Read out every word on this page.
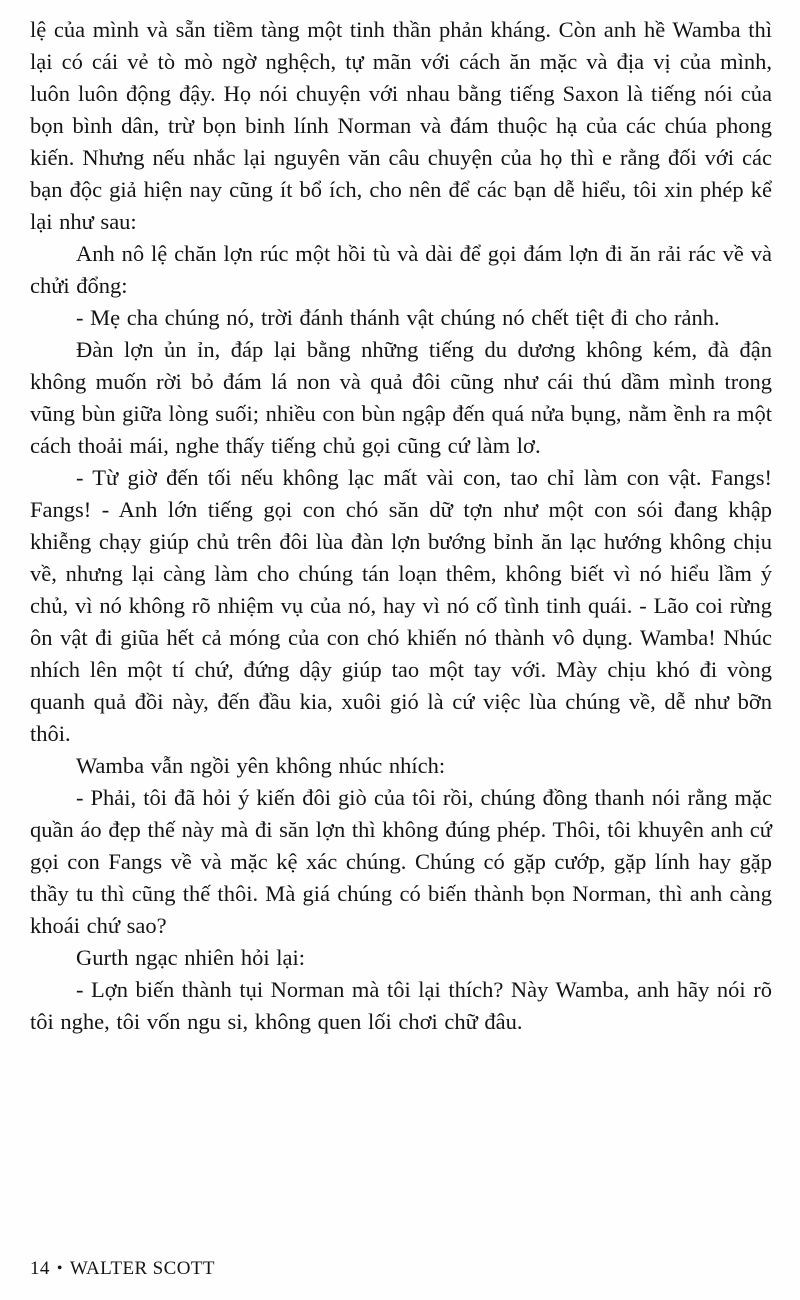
lệ của mình và sẵn tiềm tàng một tinh thần phản kháng. Còn anh hề Wamba thì lại có cái vẻ tò mò ngờ nghệch, tự mãn với cách ăn mặc và địa vị của mình, luôn luôn động đậy. Họ nói chuyện với nhau bằng tiếng Saxon là tiếng nói của bọn bình dân, trừ bọn binh lính Norman và đám thuộc hạ của các chúa phong kiến. Nhưng nếu nhắc lại nguyên văn câu chuyện của họ thì e rằng đối với các bạn độc giả hiện nay cũng ít bổ ích, cho nên để các bạn dễ hiểu, tôi xin phép kể lại như sau:

Anh nô lệ chăn lợn rúc một hồi tù và dài để gọi đám lợn đi ăn rải rác về và chửi đổng:

- Mẹ cha chúng nó, trời đánh thánh vật chúng nó chết tiệt đi cho rảnh.

Đàn lợn ủn ỉn, đáp lại bằng những tiếng du dương không kém, đà đận không muốn rời bỏ đám lá non và quả đôi cũng như cái thú dầm mình trong vũng bùn giữa lòng suối; nhiều con bùn ngập đến quá nửa bụng, nằm ềnh ra một cách thoải mái, nghe thấy tiếng chủ gọi cũng cứ làm lơ.

- Từ giờ đến tối nếu không lạc mất vài con, tao chỉ làm con vật. Fangs! Fangs! - Anh lớn tiếng gọi con chó săn dữ tợn như một con sói đang khập khiễng chạy giúp chủ trên đôi lùa đàn lợn bướng bỉnh ăn lạc hướng không chịu về, nhưng lại càng làm cho chúng tán loạn thêm, không biết vì nó hiểu lầm ý chủ, vì nó không rõ nhiệm vụ của nó, hay vì nó cố tình tinh quái. - Lão coi rừng ôn vật đi giũa hết cả móng của con chó khiến nó thành vô dụng. Wamba! Nhúc nhích lên một tí chứ, đứng dậy giúp tao một tay với. Mày chịu khó đi vòng quanh quả đồi này, đến đầu kia, xuôi gió là cứ việc lùa chúng về, dễ như bỡn thôi.

Wamba vẫn ngồi yên không nhúc nhích:

- Phải, tôi đã hỏi ý kiến đôi giò của tôi rồi, chúng đồng thanh nói rằng mặc quần áo đẹp thế này mà đi săn lợn thì không đúng phép. Thôi, tôi khuyên anh cứ gọi con Fangs về và mặc kệ xác chúng. Chúng có gặp cướp, gặp lính hay gặp thầy tu thì cũng thế thôi. Mà giá chúng có biến thành bọn Norman, thì anh càng khoái chứ sao?

Gurth ngạc nhiên hỏi lại:

- Lợn biến thành tụi Norman mà tôi lại thích? Này Wamba, anh hãy nói rõ tôi nghe, tôi vốn ngu si, không quen lối chơi chữ đâu.

14 • WALTER SCOTT
